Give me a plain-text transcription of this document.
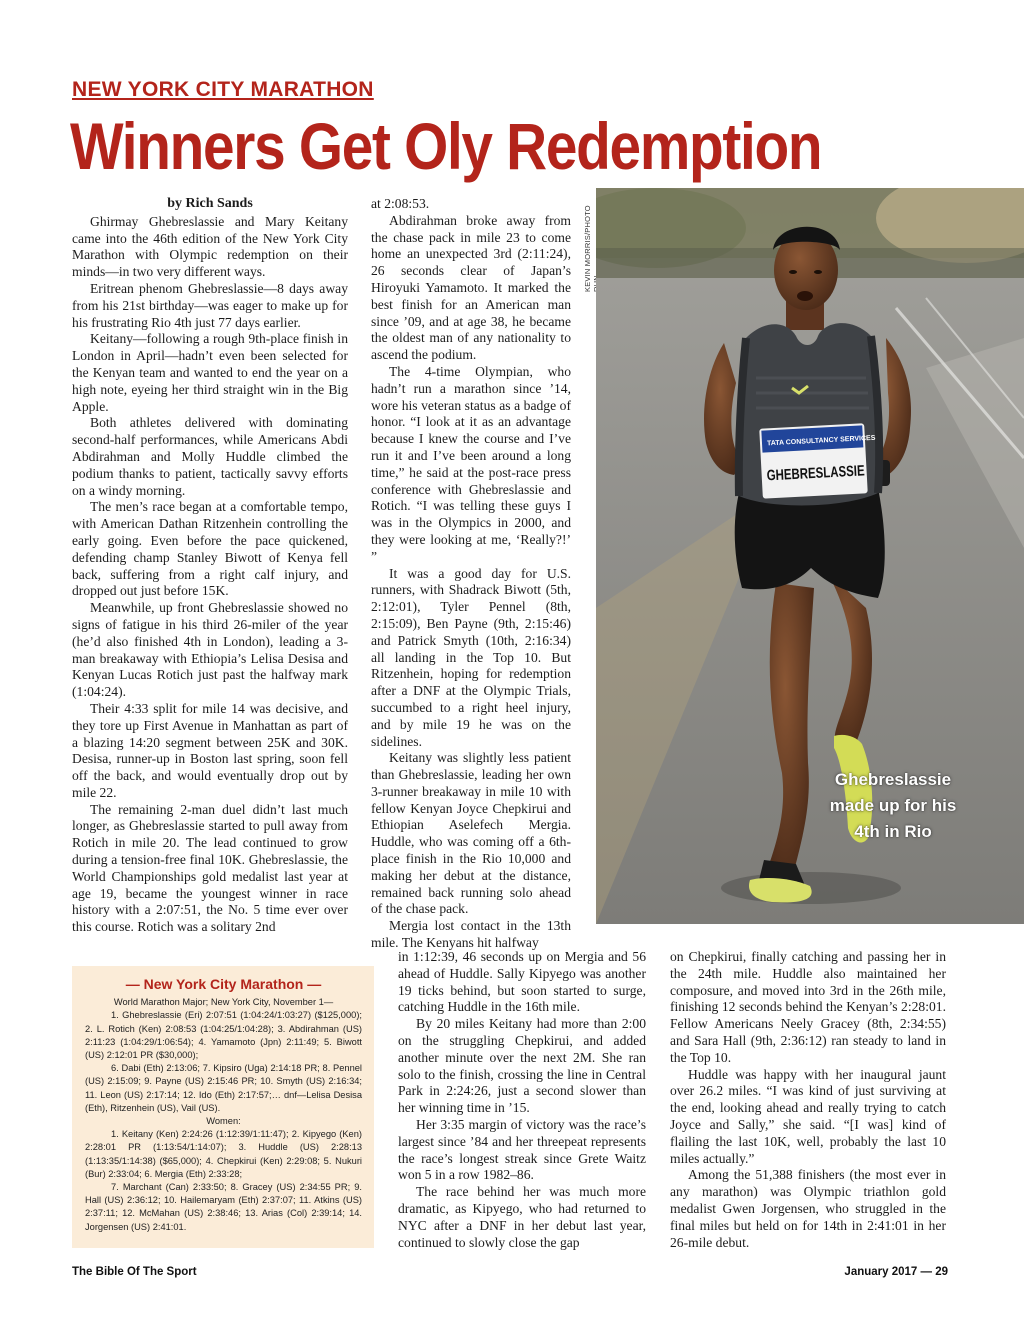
NEW YORK CITY MARATHON
Winners Get Oly Redemption
by Rich Sands

Ghirmay Ghebreslassie and Mary Keitany came into the 46th edition of the New York City Marathon with Olympic redemption on their minds—in two very different ways.

Eritrean phenom Ghebreslassie—8 days away from his 21st birthday—was eager to make up for his frustrating Rio 4th just 77 days earlier.

Keitany—following a rough 9th-place finish in London in April—hadn’t even been selected for the Kenyan team and wanted to end the year on a high note, eyeing her third straight win in the Big Apple.

Both athletes delivered with dominating second-half performances, while Americans Abdi Abdirahman and Molly Huddle climbed the podium thanks to patient, tactically savvy efforts on a windy morning.

The men’s race began at a comfortable tempo, with American Dathan Ritzenhein controlling the early going. Even before the pace quickened, defending champ Stanley Biwott of Kenya fell back, suffering from a right calf injury, and dropped out just before 15K.

Meanwhile, up front Ghebreslassie showed no signs of fatigue in his third 26-miler of the year (he’d also finished 4th in London), leading a 3-man breakaway with Ethiopia’s Lelisa Desisa and Kenyan Lucas Rotich just past the halfway mark (1:04:24).

Their 4:33 split for mile 14 was decisive, and they tore up First Avenue in Manhattan as part of a blazing 14:20 segment between 25K and 30K. Desisa, runner-up in Boston last spring, soon fell off the back, and would eventually drop out by mile 22.

The remaining 2-man duel didn’t last much longer, as Ghebreslassie started to pull away from Rotich in mile 20. The lead continued to grow during a tension-free final 10K. Ghebreslassie, the World Championships gold medalist last year at age 19, became the youngest winner in race history with a 2:07:51, the No. 5 time ever over this course. Rotich was a solitary 2nd

at 2:08:53.

Abdirahman broke away from the chase pack in mile 23 to come home an unexpected 3rd (2:11:24), 26 seconds clear of Japan’s Hiroyuki Yamamoto. It marked the best finish for an American man since ’09, and at age 38, he became the oldest man of any nationality to ascend the podium.

The 4-time Olympian, who hadn’t run a marathon since ’14, wore his veteran status as a badge of honor. “I look at it as an advantage because I knew the course and I’ve run it and I’ve been around a long time,” he said at the post-race press conference with Ghebreslassie and Rotich. “I was telling these guys I was in the Olympics in 2000, and they were looking at me, ‘Really?!’ ”

It was a good day for U.S. runners, with Shadrack Biwott (5th, 2:12:01), Tyler Pennel (8th, 2:15:09), Ben Payne (9th, 2:15:46) and Patrick Smyth (10th, 2:16:34) all landing in the Top 10. But Ritzenhein, hoping for redemption after a DNF at the Olympic Trials, succumbed to a right heel injury, and by mile 19 he was on the sidelines.

Keitany was slightly less patient than Ghebreslassie, leading her own 3-runner breakaway in mile 10 with fellow Kenyan Joyce Chepkirui and Ethiopian Aselefech Mergia. Huddle, who was coming off a 6th-place finish in the Rio 10,000 and making her debut at the distance, remained back running solo ahead of the chase pack.

Mergia lost contact in the 13th mile. The Kenyans hit halfway

KEVIN MORRIS/PHOTO
TATA CONSULTANCY SERVICES
GHEBRESLASSIE
Ghebreslassie
made up for his
4th in Rio
— New York City Marathon —

World Marathon Major; New York City, November 1—

1. Ghebreslassie (Eri) 2:07:51 (1:04:24/1:03:27) ($125,000); 2. L. Rotich (Ken) 2:08:53 (1:04:25/1:04:28); 3. Abdirahman (US) 2:11:23 (1:04:29/1:06:54); 4. Yamamoto (Jpn) 2:11:49; 5. Biwott (US) 2:12:01 PR ($30,000);

6. Dabi (Eth) 2:13:06; 7. Kipsiro (Uga) 2:14:18 PR; 8. Pennel (US) 2:15:09; 9. Payne (US) 2:15:46 PR; 10. Smyth (US) 2:16:34; 11. Leon (US) 2:17:14; 12. Ido (Eth) 2:17:57;… dnf—Lelisa Desisa (Eth), Ritzenhein (US), Vail (US).

Women:

1. Keitany (Ken) 2:24:26 (1:12:39/1:11:47); 2. Kipyego (Ken) 2:28:01 PR (1:13:54/1:14:07); 3. Huddle (US) 2:28:13 (1:13:35/1:14:38) ($65,000); 4. Chepkirui (Ken) 2:29:08; 5. Nukuri (Bur) 2:33:04; 6. Mergia (Eth) 2:33:28;

7. Marchant (Can) 2:33:50; 8. Gracey (US) 2:34:55 PR; 9. Hall (US) 2:36:12; 10. Hailemaryam (Eth) 2:37:07; 11. Atkins (US) 2:37:11; 12. McMahan (US) 2:38:46; 13. Arias (Col) 2:39:14; 14. Jorgensen (US) 2:41:01.

in 1:12:39, 46 seconds up on Mergia and 56 ahead of Huddle. Sally Kipyego was another 19 ticks behind, but soon started to surge, catching Huddle in the 16th mile.

By 20 miles Keitany had more than 2:00 on the struggling Chepkirui, and added another minute over the next 2M. She ran solo to the finish, crossing the line in Central Park in 2:24:26, just a second slower than her winning time in ’15.

Her 3:35 margin of victory was the race’s largest since ’84 and her threepeat represents the race’s longest streak since Grete Waitz won 5 in a row 1982–86.

The race behind her was much more dramatic, as Kipyego, who had returned to NYC after a DNF in her debut last year, continued to slowly close the gap

on Chepkirui, finally catching and passing her in the 24th mile. Huddle also maintained her composure, and moved into 3rd in the 26th mile, finishing 12 seconds behind the Kenyan’s 2:28:01. Fellow Americans Neely Gracey (8th, 2:34:55) and Sara Hall (9th, 2:36:12) ran steady to land in the Top 10.

Huddle was happy with her inaugural jaunt over 26.2 miles. “I was kind of just surviving at the end, looking ahead and really trying to catch Joyce and Sally,” she said. “[I was] kind of flailing the last 10K, well, probably the last 10 miles actually.”

Among the 51,388 finishers (the most ever in any marathon) was Olympic triathlon gold medalist Gwen Jorgensen, who struggled in the final miles but held on for 14th in 2:41:01 in her 26-mile debut.

The Bible Of The Sport	January 2017 — 29
